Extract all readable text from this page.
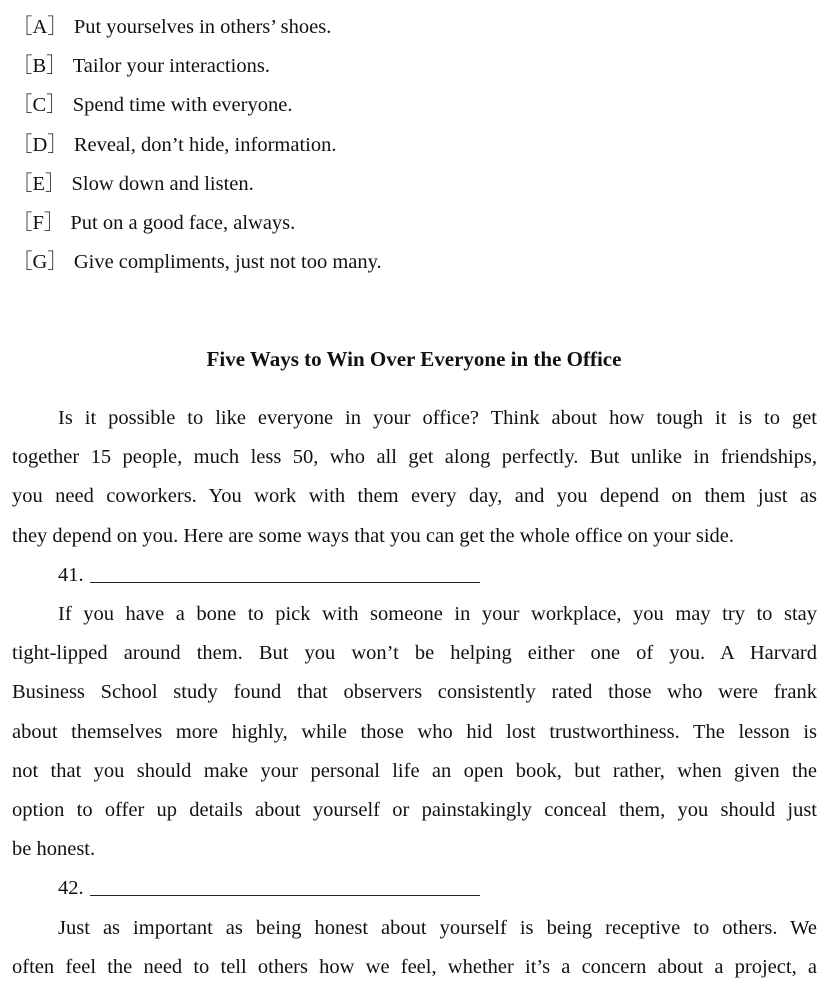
［A］ Put yourselves in others’ shoes.
［B］ Tailor your interactions.
［C］ Spend time with everyone.
［D］ Reveal, don’t hide, information.
［E］ Slow down and listen.
［F］ Put on a good face, always.
［G］ Give compliments, just not too many.
Five Ways to Win Over Everyone in the Office
Is it possible to like everyone in your office? Think about how tough it is to get
together 15 people, much less 50, who all get along perfectly. But unlike in friendships,
you need coworkers. You work with them every day, and you depend on them just as
they depend on you. Here are some ways that you can get the whole office on your side.
41.
If you have a bone to pick with someone in your workplace, you may try to stay
tight-lipped around them. But you won’t be helping either one of you. A Harvard
Business School study found that observers consistently rated those who were frank
about themselves more highly, while those who hid lost trustworthiness. The lesson is
not that you should make your personal life an open book, but rather, when given the
option to offer up details about yourself or painstakingly conceal them, you should just
be honest.
42.
Just as important as being honest about yourself is being receptive to others. We
often feel the need to tell others how we feel, whether it’s a concern about a project, a
